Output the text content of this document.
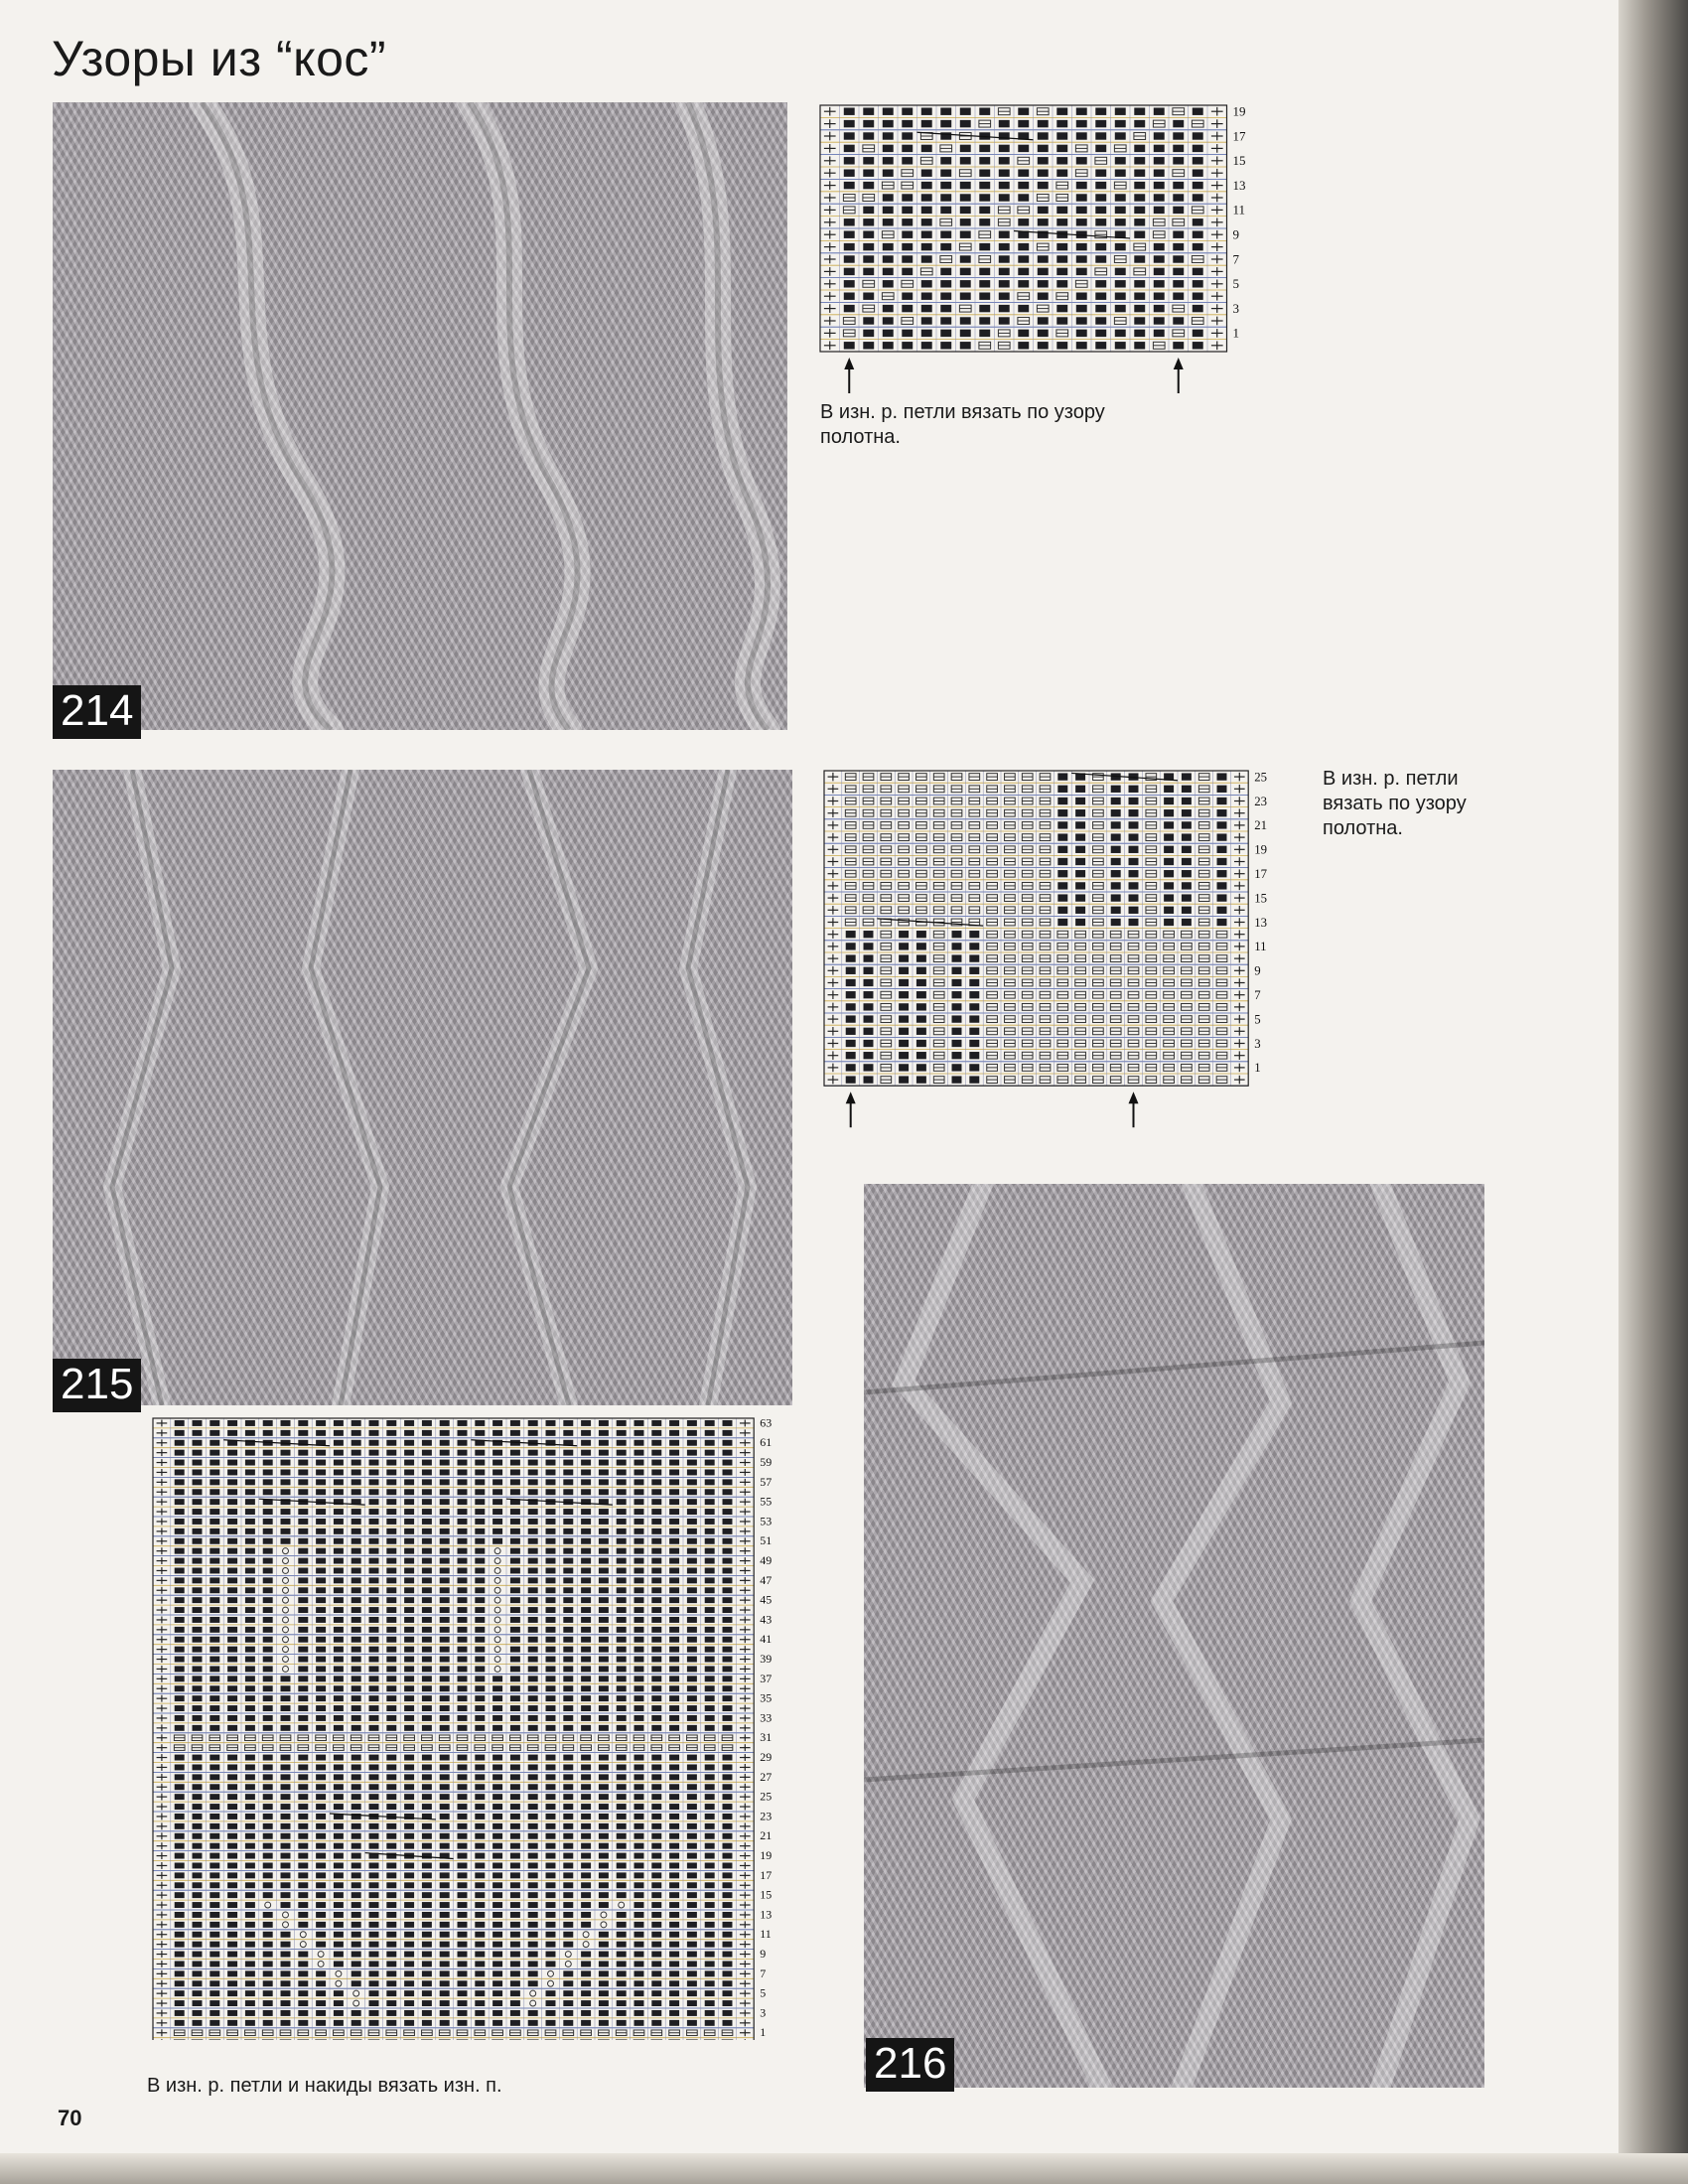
Узоры из “кос”
214
19
17
15
13
11
9
7
5
3
1
В изн. р. петли вязать по узору полотна.
215
25
23
21
19
17
15
13
11
9
7
5
3
1
В изн. р. петли вязать по узору полотна.
216
63
61
59
57
55
53
51
49
47
45
43
41
39
37
35
33
31
29
27
25
23
21
19
17
15
13
11
9
7
5
3
1
В изн. р. петли и накиды вязать изн. п.
70
